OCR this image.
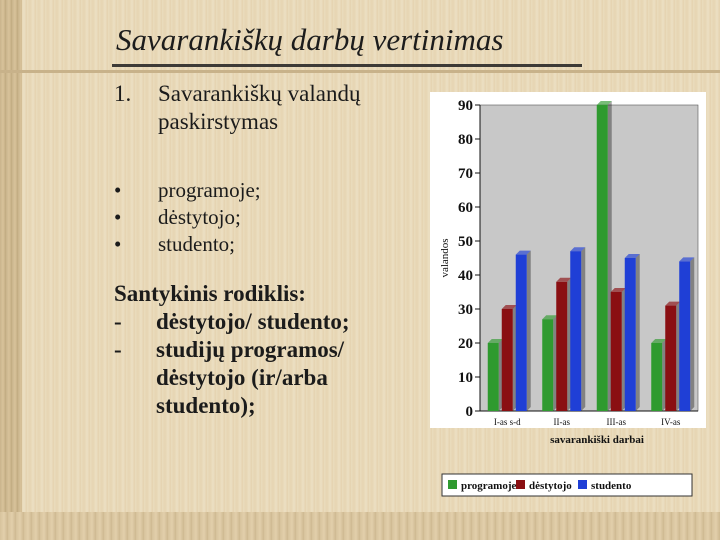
Savarankiškų darbų vertinimas
1. Savarankiškų valandų paskirstymas
• programoje;
• dėstytojo;
• studento;
Santykinis rodiklis:
- dėstytojo/ studento;
- studijų programos/ dėstytojo (ir/arba studento);	0
10
20
30
40
50
60
70
80
90
valandos
I-as s-d	II-as	III-as	IV-as
savarankiški darbai
programoje dėstytojo studento
